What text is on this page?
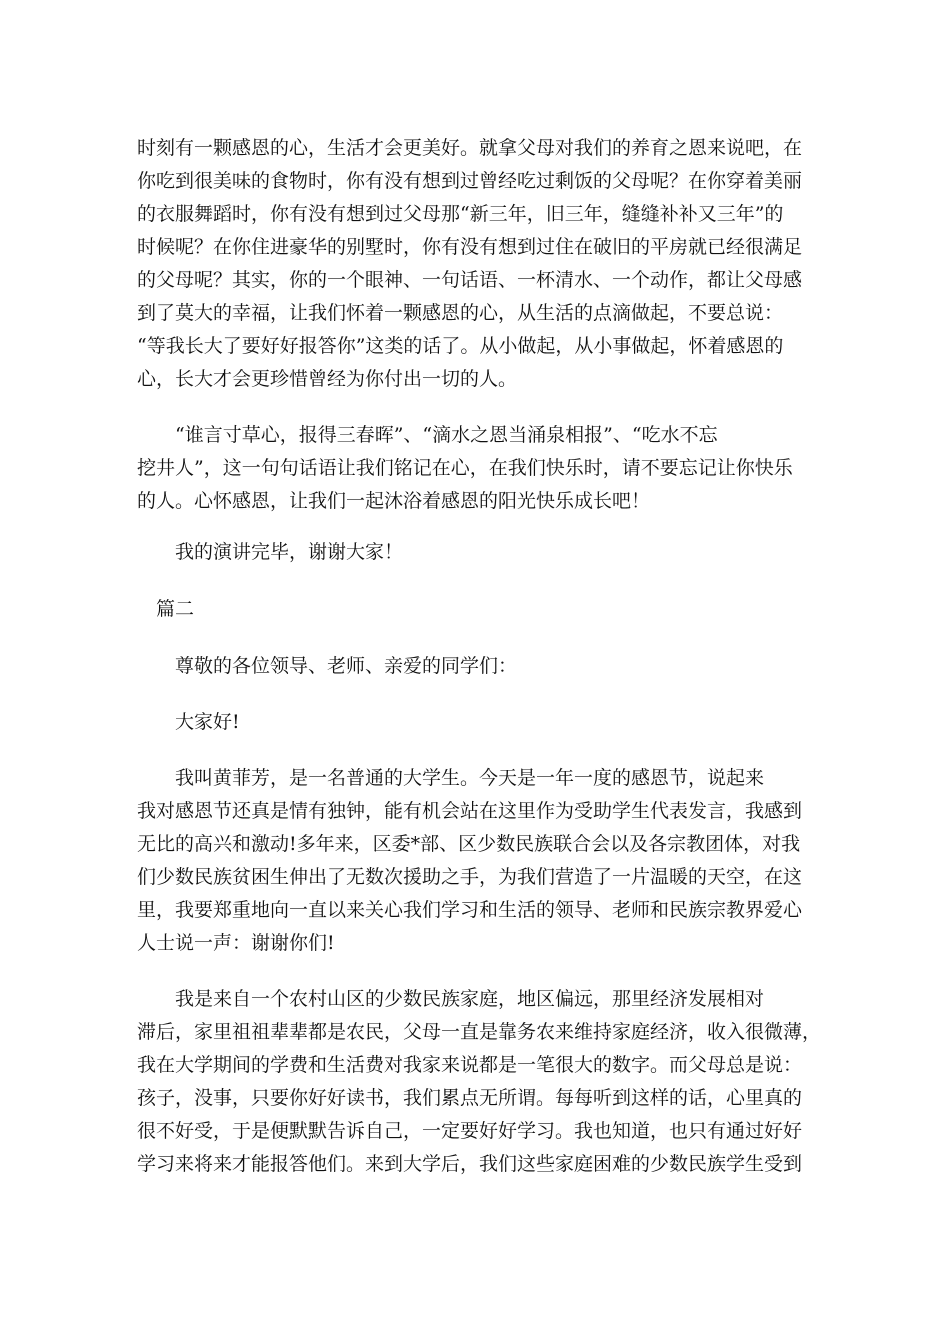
时刻有一颗感恩的心，生活才会更美好。就拿父母对我们的养育之恩来说吧，在
你吃到很美味的食物时，你有没有想到过曾经吃过剩饭的父母呢？在你穿着美丽
的衣服舞蹈时，你有没有想到过父母那“新三年，旧三年，缝缝补补又三年”的
时候呢？在你住进豪华的别墅时，你有没有想到过住在破旧的平房就已经很满足
的父母呢？其实，你的一个眼神、一句话语、一杯清水、一个动作，都让父母感
到了莫大的幸福，让我们怀着一颗感恩的心，从生活的点滴做起，不要总说：
“等我长大了要好好报答你”这类的话了。从小做起，从小事做起，怀着感恩的
心，长大才会更珍惜曾经为你付出一切的人。
　　“谁言寸草心，报得三春晖”、“滴水之恩当涌泉相报”、“吃水不忘
挖井人”，这一句句话语让我们铭记在心，在我们快乐时，请不要忘记让你快乐
的人。心怀感恩，让我们一起沐浴着感恩的阳光快乐成长吧！
　　我的演讲完毕，谢谢大家！
　篇二
　　尊敬的各位领导、老师、亲爱的同学们：
　　大家好!
　　我叫黄菲芳，是一名普通的大学生。今天是一年一度的感恩节，说起来
我对感恩节还真是情有独钟，能有机会站在这里作为受助学生代表发言，我感到
无比的高兴和激动!多年来，区委*部、区少数民族联合会以及各宗教团体，对我
们少数民族贫困生伸出了无数次援助之手，为我们营造了一片温暖的天空，在这
里，我要郑重地向一直以来关心我们学习和生活的领导、老师和民族宗教界爱心
人士说一声：谢谢你们!
　　我是来自一个农村山区的少数民族家庭，地区偏远，那里经济发展相对
滞后，家里祖祖辈辈都是农民，父母一直是靠务农来维持家庭经济，收入很微薄，
我在大学期间的学费和生活费对我家来说都是一笔很大的数字。而父母总是说：
孩子，没事，只要你好好读书，我们累点无所谓。每每听到这样的话，心里真的
很不好受，于是便默默告诉自己，一定要好好学习。我也知道，也只有通过好好
学习来将来才能报答他们。来到大学后，我们这些家庭困难的少数民族学生受到
